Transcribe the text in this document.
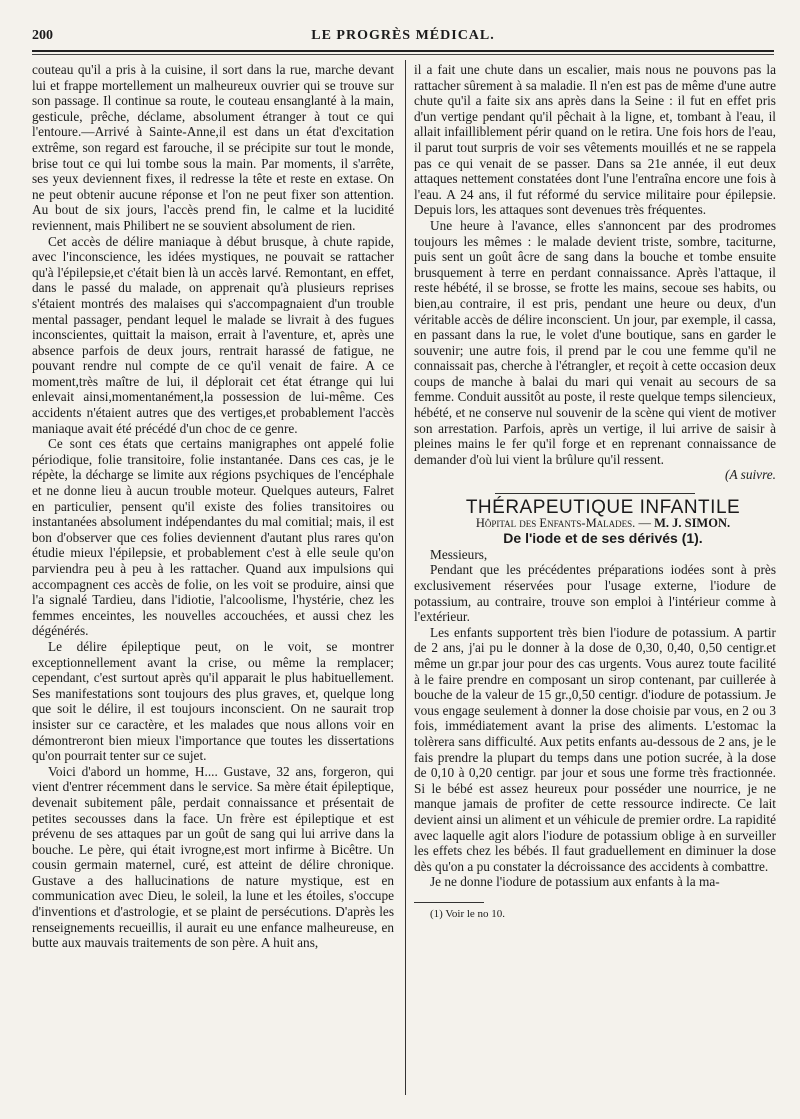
200	LE PROGRÈS MÉDICAL.

couteau qu'il a pris à la cuisine, il sort dans la rue, marche devant lui et frappe mortellement un malheureux ouvrier qui se trouve sur son passage. Il continue sa route, le couteau ensanglanté à la main, gesticule, prêche, déclame, absolument étranger à tout ce qui l'entoure.—Arrivé à Sainte-Anne,il est dans un état d'excitation extrême, son regard est farouche, il se précipite sur tout le monde, brise tout ce qui lui tombe sous la main. Par moments, il s'arrête, ses yeux deviennent fixes, il redresse la tête et reste en extase. On ne peut obtenir aucune réponse et l'on ne peut fixer son attention. Au bout de six jours, l'accès prend fin, le calme et la lucidité reviennent, mais Philibert ne se souvient absolument de rien.

Cet accès de délire maniaque à début brusque, à chute rapide, avec l'inconscience, les idées mystiques, ne pouvait se rattacher qu'à l'épilepsie,et c'était bien là un accès larvé. Remontant, en effet, dans le passé du malade, on apprenait qu'à plusieurs reprises s'étaient montrés des malaises qui s'accompagnaient d'un trouble mental passager, pendant lequel le malade se livrait à des fugues inconscientes, quittait la maison, errait à l'aventure, et, après une absence parfois de deux jours, rentrait harassé de fatigue, ne pouvant rendre nul compte de ce qu'il venait de faire. A ce moment,très maître de lui, il déplorait cet état étrange qui lui enlevait ainsi,momentanément,la possession de lui-même. Ces accidents n'étaient autres que des vertiges,et probablement l'accès maniaque avait été précédé d'un choc de ce genre.

Ce sont ces états que certains manigraphes ont appelé folie périodique, folie transitoire, folie instantanée. Dans ces cas, je le répète, la décharge se limite aux régions psychiques de l'encéphale et ne donne lieu à aucun trouble moteur. Quelques auteurs, Falret en particulier, pensent qu'il existe des folies transitoires ou instantanées absolument indépendantes du mal comitial; mais, il est bon d'observer que ces folies deviennent d'autant plus rares qu'on étudie mieux l'épilepsie, et probablement c'est à elle seule qu'on parviendra peu à peu à les rattacher. Quand aux impulsions qui accompagnent ces accès de folie, on les voit se produire, ainsi que l'a signalé Tardieu, dans l'idiotie, l'alcoolisme, l'hystérie, chez les femmes enceintes, les nouvelles accouchées, et aussi chez les dégénérés.

Le délire épileptique peut, on le voit, se montrer exceptionnellement avant la crise, ou même la remplacer; cependant, c'est surtout après qu'il apparait le plus habituellement. Ses manifestations sont toujours des plus graves, et, quelque long que soit le délire, il est toujours inconscient. On ne saurait trop insister sur ce caractère, et les malades que nous allons voir en démontreront bien mieux l'importance que toutes les dissertations qu'on pourrait tenter sur ce sujet.

Voici d'abord un homme, H.... Gustave, 32 ans, forgeron, qui vient d'entrer récemment dans le service. Sa mère était épileptique, devenait subitement pâle, perdait connaissance et présentait de petites secousses dans la face. Un frère est épileptique et est prévenu de ses attaques par un goût de sang qui lui arrive dans la bouche. Le père, qui était ivrogne,est mort infirme à Bicêtre. Un cousin germain maternel, curé, est atteint de délire chronique. Gustave a des hallucinations de nature mystique, est en communication avec Dieu, le soleil, la lune et les étoiles, s'occupe d'inventions et d'astrologie, et se plaint de persécutions. D'après les renseignements recueillis, il aurait eu une enfance malheureuse, en butte aux mauvais traitements de son père. A huit ans,

il a fait une chute dans un escalier, mais nous ne pouvons pas la rattacher sûrement à sa maladie. Il n'en est pas de même d'une autre chute qu'il a faite six ans après dans la Seine : il fut en effet pris d'un vertige pendant qu'il pêchait à la ligne, et, tombant à l'eau, il allait infailliblement périr quand on le retira. Une fois hors de l'eau, il parut tout surpris de voir ses vêtements mouillés et ne se rappela pas ce qui venait de se passer. Dans sa 21e année, il eut deux attaques nettement constatées dont l'une l'entraîna encore une fois à l'eau. A 24 ans, il fut réformé du service militaire pour épilepsie. Depuis lors, les attaques sont devenues très fréquentes.

Une heure à l'avance, elles s'annoncent par des prodromes toujours les mêmes : le malade devient triste, sombre, taciturne, puis sent un goût âcre de sang dans la bouche et tombe ensuite brusquement à terre en perdant connaissance. Après l'attaque, il reste hébété, il se brosse, se frotte les mains, secoue ses habits, ou bien,au contraire, il est pris, pendant une heure ou deux, d'un véritable accès de délire inconscient. Un jour, par exemple, il cassa, en passant dans la rue, le volet d'une boutique, sans en garder le souvenir; une autre fois, il prend par le cou une femme qu'il ne connaissait pas, cherche à l'étrangler, et reçoit à cette occasion deux coups de manche à balai du mari qui venait au secours de sa femme. Conduit aussitôt au poste, il reste quelque temps silencieux, hébété, et ne conserve nul souvenir de la scène qui vient de motiver son arrestation. Parfois, après un vertige, il lui arrive de saisir à pleines mains le fer qu'il forge et en reprenant connaissance de demander d'où lui vient la brûlure qu'il ressent.

(A suivre.

THÉRAPEUTIQUE INFANTILE

Hôpital des Enfants-Malades. — M. J. SIMON.

De l'iode et de ses dérivés (1).

Messieurs,

Pendant que les précédentes préparations iodées sont à près exclusivement réservées pour l'usage externe, l'iodure de potassium, au contraire, trouve son emploi à l'intérieur comme à l'extérieur.

Les enfants supportent très bien l'iodure de potassium. A partir de 2 ans, j'ai pu le donner à la dose de 0,30, 0,40, 0,50 centigr.et même un gr.par jour pour des cas urgents. Vous aurez toute facilité à le faire prendre en composant un sirop contenant, par cuillerée à bouche de la valeur de 15 gr.,0,50 centigr. d'iodure de potassium. Je vous engage seulement à donner la dose choisie par vous, en 2 ou 3 fois, immédiatement avant la prise des aliments. L'estomac la tolèrera sans difficulté. Aux petits enfants au-dessous de 2 ans, je le fais prendre la plupart du temps dans une potion sucrée, à la dose de 0,10 à 0,20 centigr. par jour et sous une forme très fractionnée. Si le bébé est assez heureux pour posséder une nourrice, je ne manque jamais de profiter de cette ressource indirecte. Ce lait devient ainsi un aliment et un véhicule de premier ordre. La rapidité avec laquelle agit alors l'iodure de potassium oblige à en surveiller les effets chez les bébés. Il faut graduellement en diminuer la dose dès qu'on a pu constater la décroissance des accidents à combattre.

Je ne donne l'iodure de potassium aux enfants à la ma-

(1) Voir le no 10.
